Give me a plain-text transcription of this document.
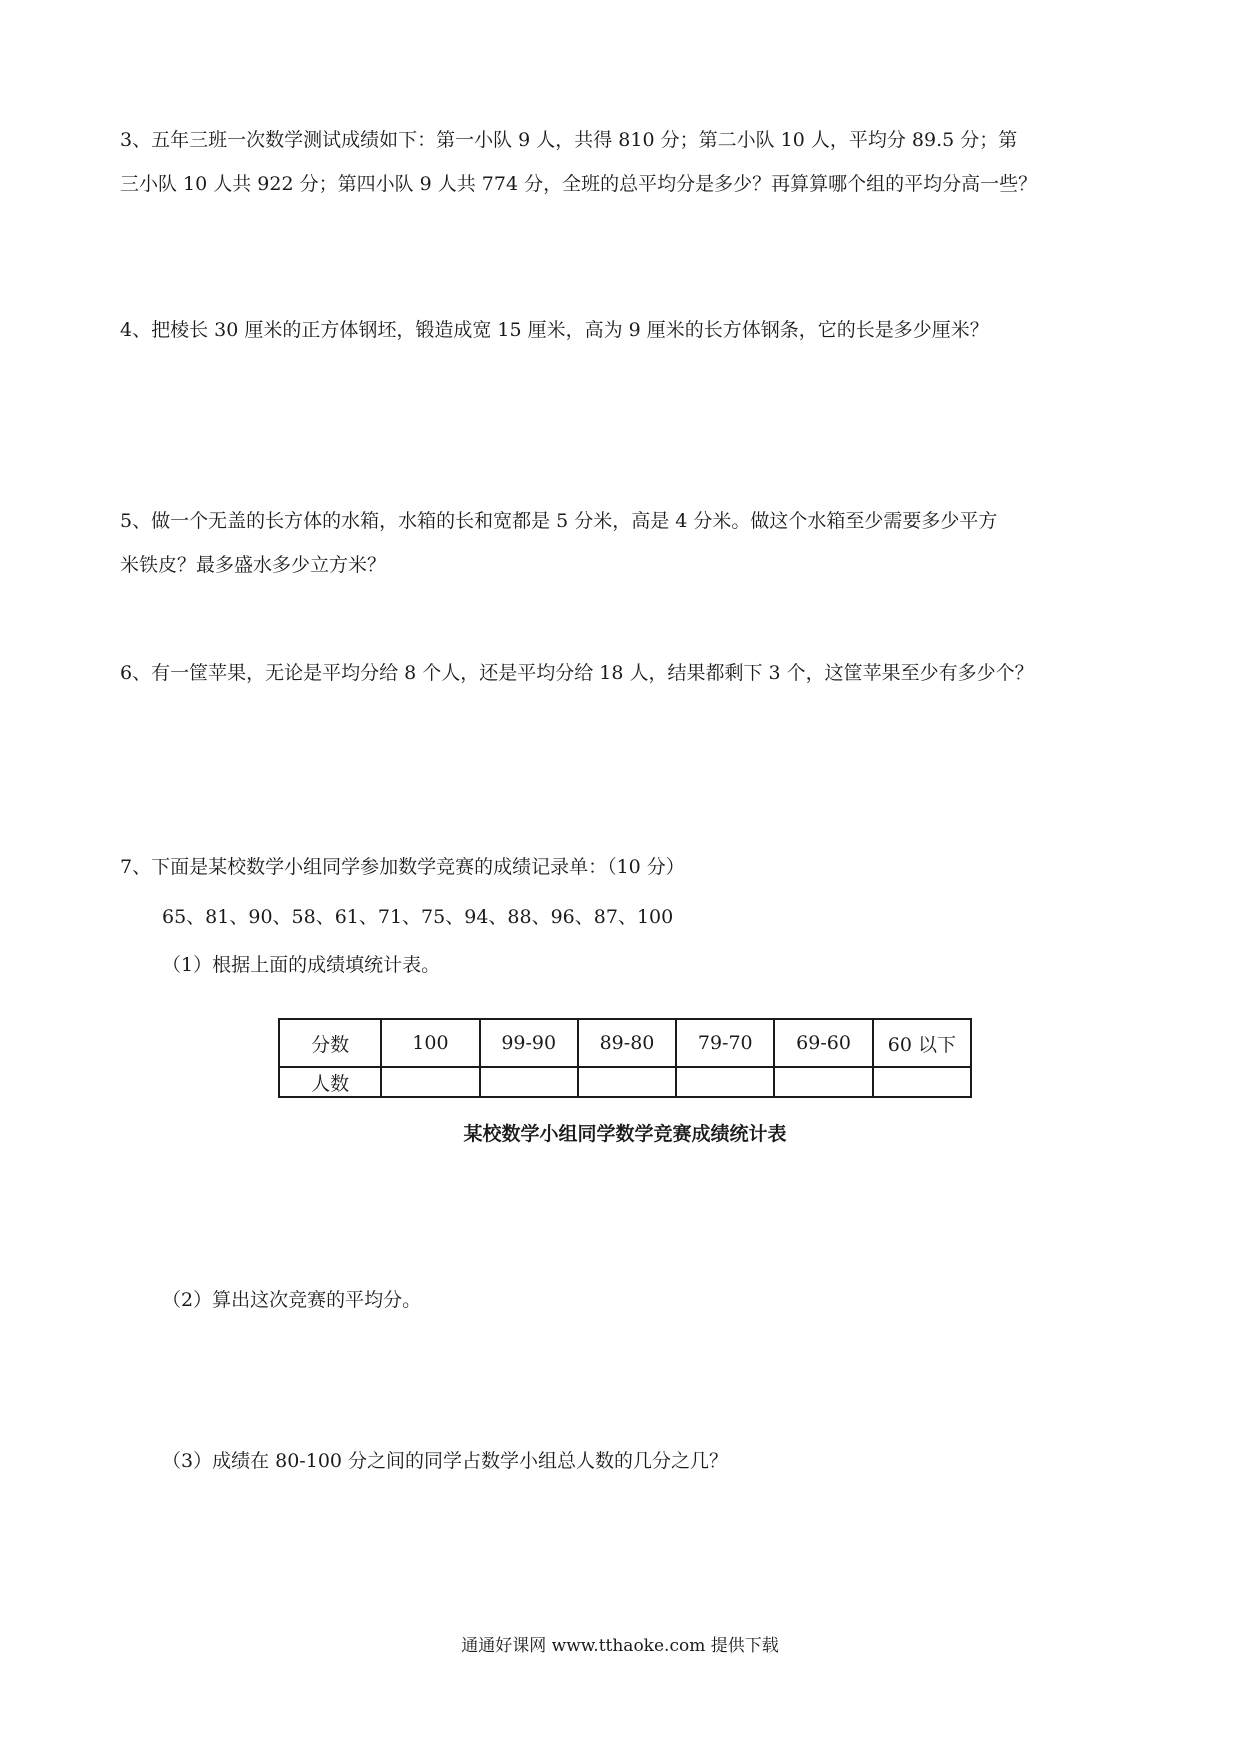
3、五年三班一次数学测试成绩如下：第一小队 9 人，共得 810 分；第二小队 10 人，平均分 89.5 分；第
三小队 10 人共 922 分；第四小队 9 人共 774 分，全班的总平均分是多少？再算算哪个组的平均分高一些？
4、把棱长 30 厘米的正方体钢坯，锻造成宽 15 厘米，高为 9 厘米的长方体钢条，它的长是多少厘米？
5、做一个无盖的长方体的水箱，水箱的长和宽都是 5 分米，高是 4 分米。做这个水箱至少需要多少平方
米铁皮？最多盛水多少立方米？
6、有一筐苹果，无论是平均分给 8 个人，还是平均分给 18 人，结果都剩下 3 个，这筐苹果至少有多少个？
7、下面是某校数学小组同学参加数学竞赛的成绩记录单：（10 分）
65、81、90、58、61、71、75、94、88、96、87、100
（1）根据上面的成绩填统计表。
分数	100	99-90	89-80	79-70	69-60	60 以下
人数						
某校数学小组同学数学竞赛成绩统计表
（2）算出这次竞赛的平均分。
（3）成绩在 80-100 分之间的同学占数学小组总人数的几分之几？
通通好课网 www.tthaoke.com 提供下载
